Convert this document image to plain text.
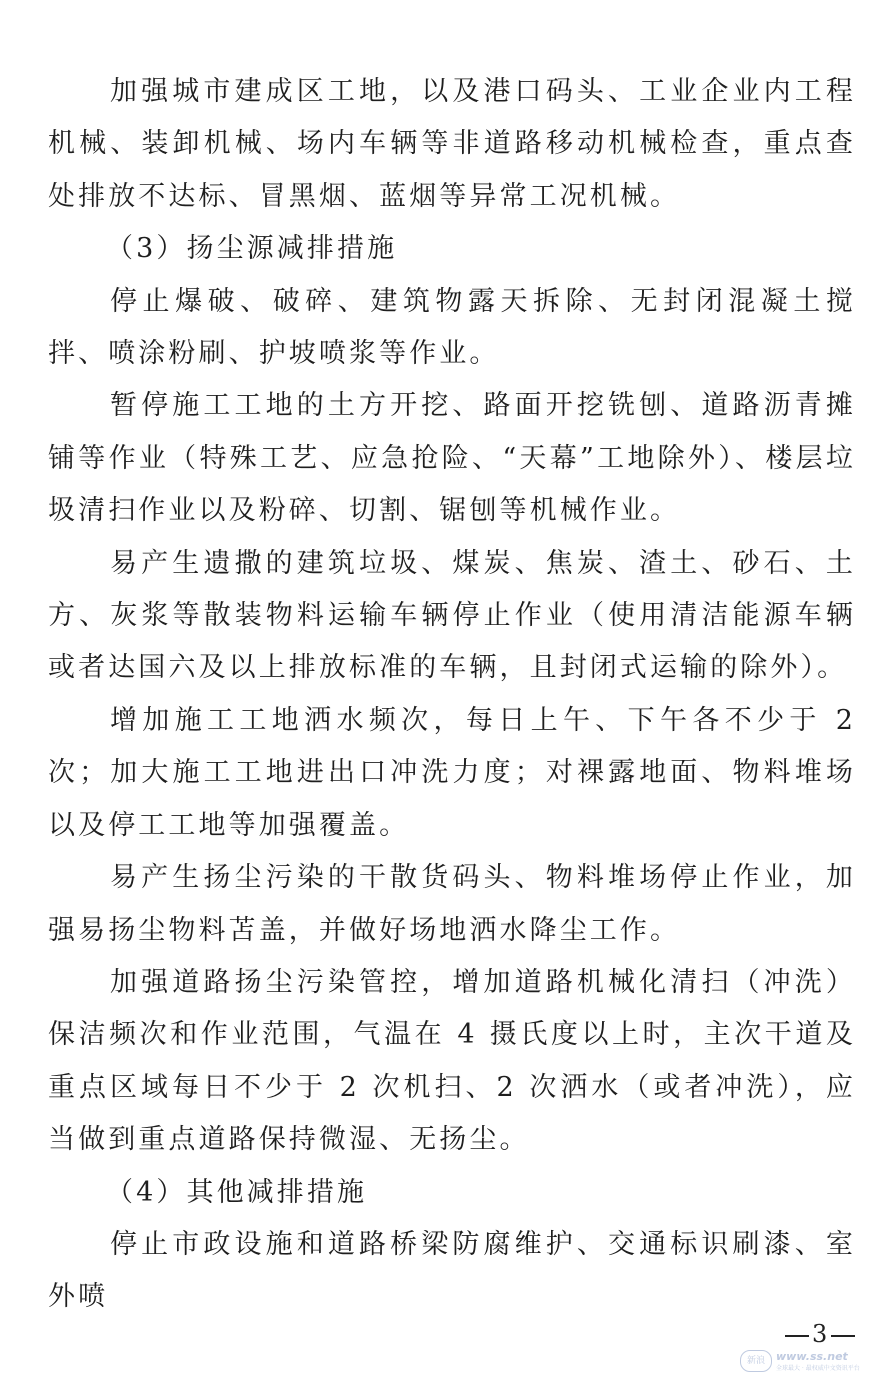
加强城市建成区工地，以及港口码头、工业企业内工程机械、装卸机械、场内车辆等非道路移动机械检查，重点查处排放不达标、冒黑烟、蓝烟等异常工况机械。

（3）扬尘源减排措施

停止爆破、破碎、建筑物露天拆除、无封闭混凝土搅拌、喷涂粉刷、护坡喷浆等作业。

暂停施工工地的土方开挖、路面开挖铣刨、道路沥青摊铺等作业（特殊工艺、应急抢险、“天幕”工地除外）、楼层垃圾清扫作业以及粉碎、切割、锯刨等机械作业。

易产生遗撒的建筑垃圾、煤炭、焦炭、渣土、砂石、土方、灰浆等散装物料运输车辆停止作业（使用清洁能源车辆或者达国六及以上排放标准的车辆，且封闭式运输的除外）。

增加施工工地洒水频次，每日上午、下午各不少于 2 次；加大施工工地进出口冲洗力度；对裸露地面、物料堆场以及停工工地等加强覆盖。

易产生扬尘污染的干散货码头、物料堆场停止作业，加强易扬尘物料苫盖，并做好场地洒水降尘工作。

加强道路扬尘污染管控，增加道路机械化清扫（冲洗）保洁频次和作业范围，气温在 4 摄氏度以上时，主次干道及重点区域每日不少于 2 次机扫、2 次洒水（或者冲洗），应当做到重点道路保持微湿、无扬尘。

（4）其他减排措施

停止市政设施和道路桥梁防腐维护、交通标识刷漆、室外喷

3
新浪	www.ss.net
全球最大 · 最权威中文资讯平台
